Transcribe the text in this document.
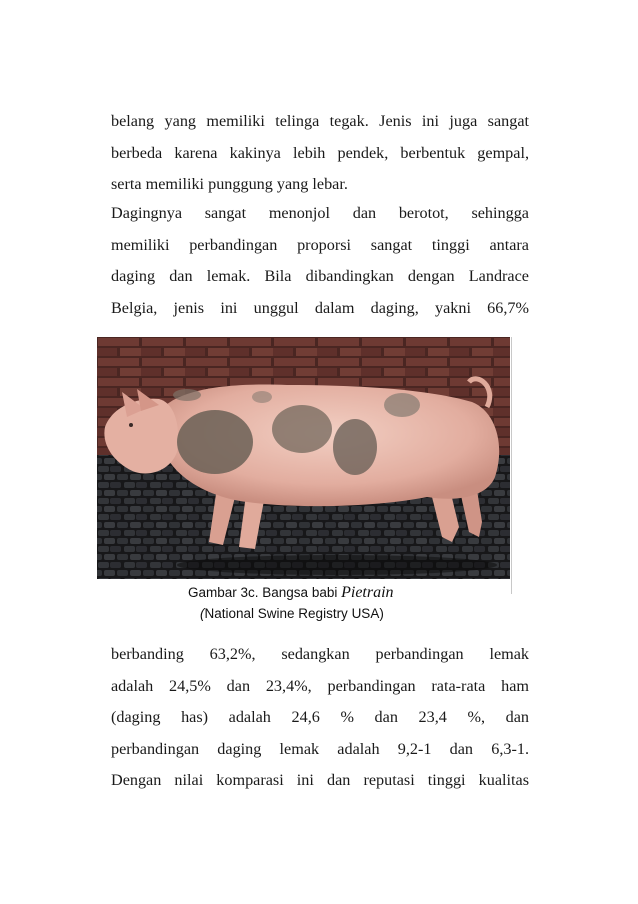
belang yang memiliki telinga tegak. Jenis ini juga sangat
berbeda karena kakinya lebih pendek, berbentuk gempal,
serta memiliki punggung yang lebar.
Dagingnya sangat menonjol dan berotot, sehingga
memiliki perbandingan proporsi sangat tinggi antara
daging dan lemak. Bila dibandingkan dengan Landrace
Belgia, jenis ini unggul dalam daging, yakni 66,7%
Gambar 3c. Bangsa babi Pietrain
(National Swine Registry USA)
berbanding 63,2%, sedangkan perbandingan lemak
adalah 24,5% dan 23,4%, perbandingan rata-rata ham
(daging has) adalah 24,6 % dan 23,4 %, dan
perbandingan daging lemak adalah 9,2-1 dan 6,3-1.
Dengan nilai komparasi ini dan reputasi tinggi kualitas
